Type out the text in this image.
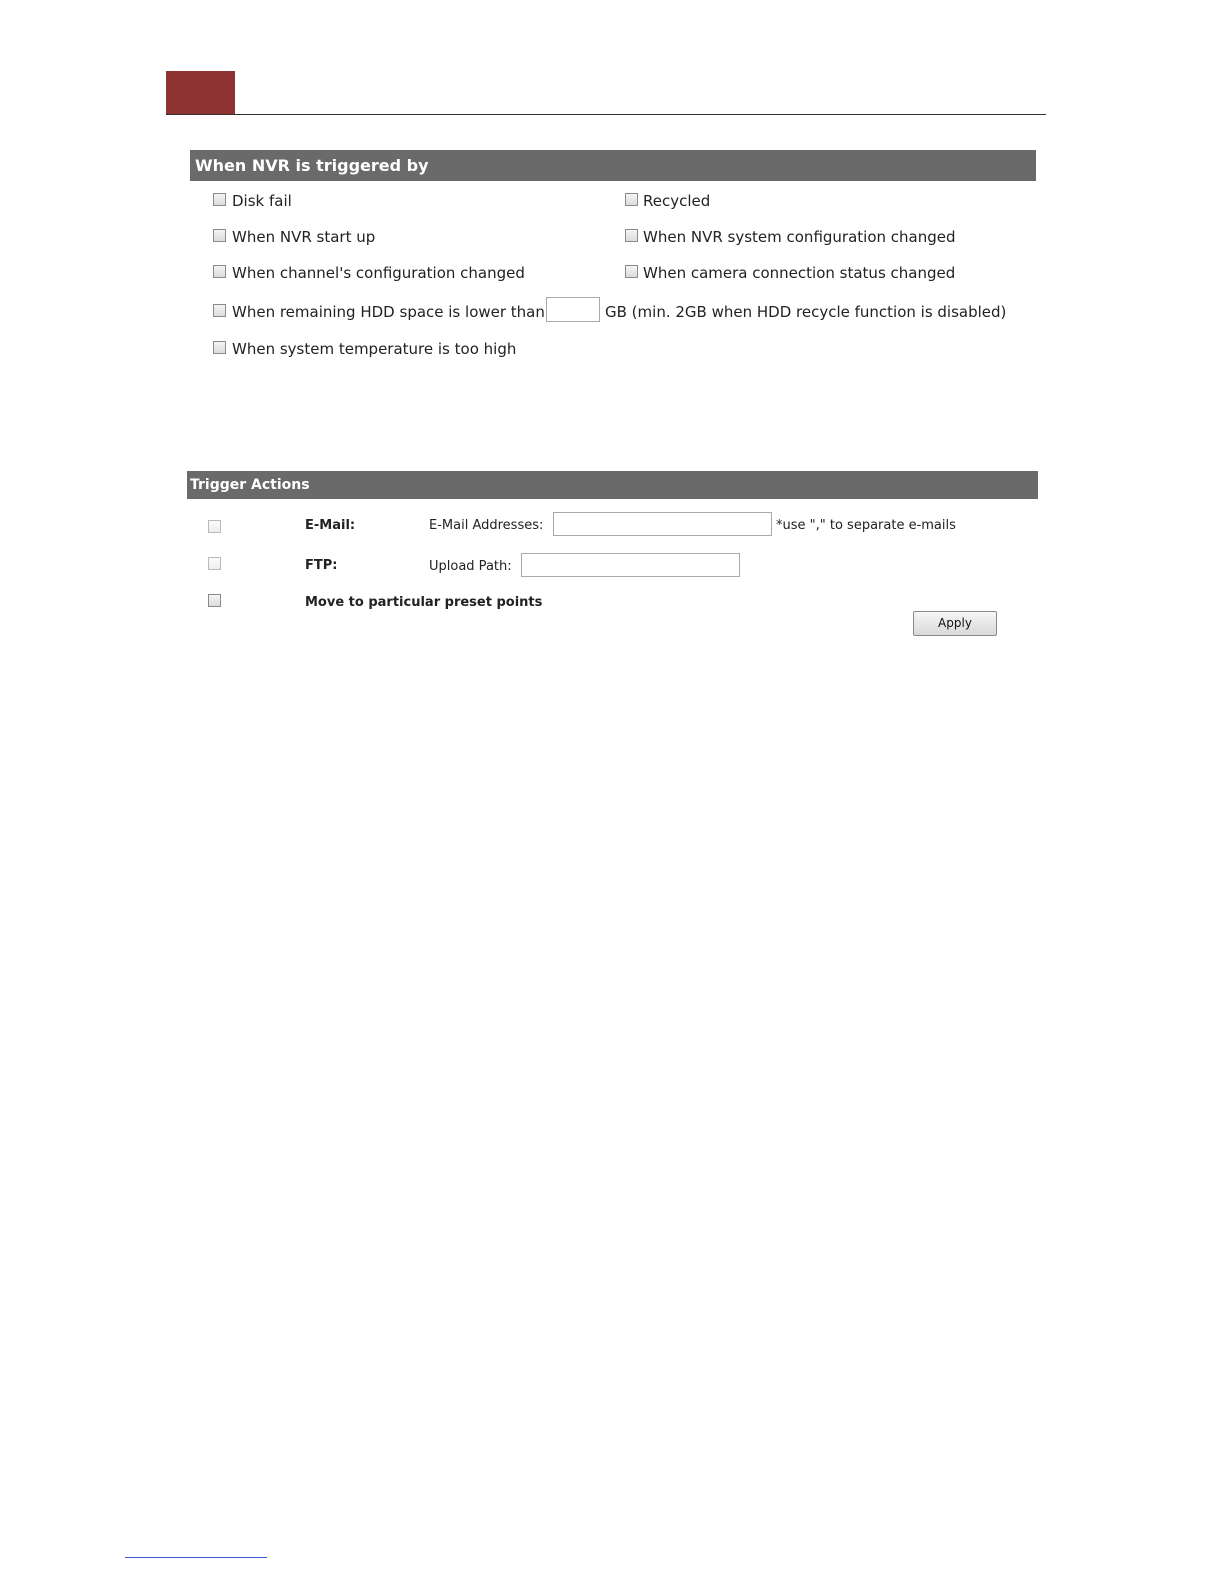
When NVR is triggered by
Disk fail	Recycled
When NVR start up	When NVR system configuration changed
When channel's configuration changed	When camera connection status changed
When remaining HDD space is lower than	GB (min. 2GB when HDD recycle function is disabled)
When system temperature is too high
Trigger Actions
E-Mail:	E-Mail Addresses:	*use "," to separate e-mails
FTP:	Upload Path:
Move to particular preset points
Apply
